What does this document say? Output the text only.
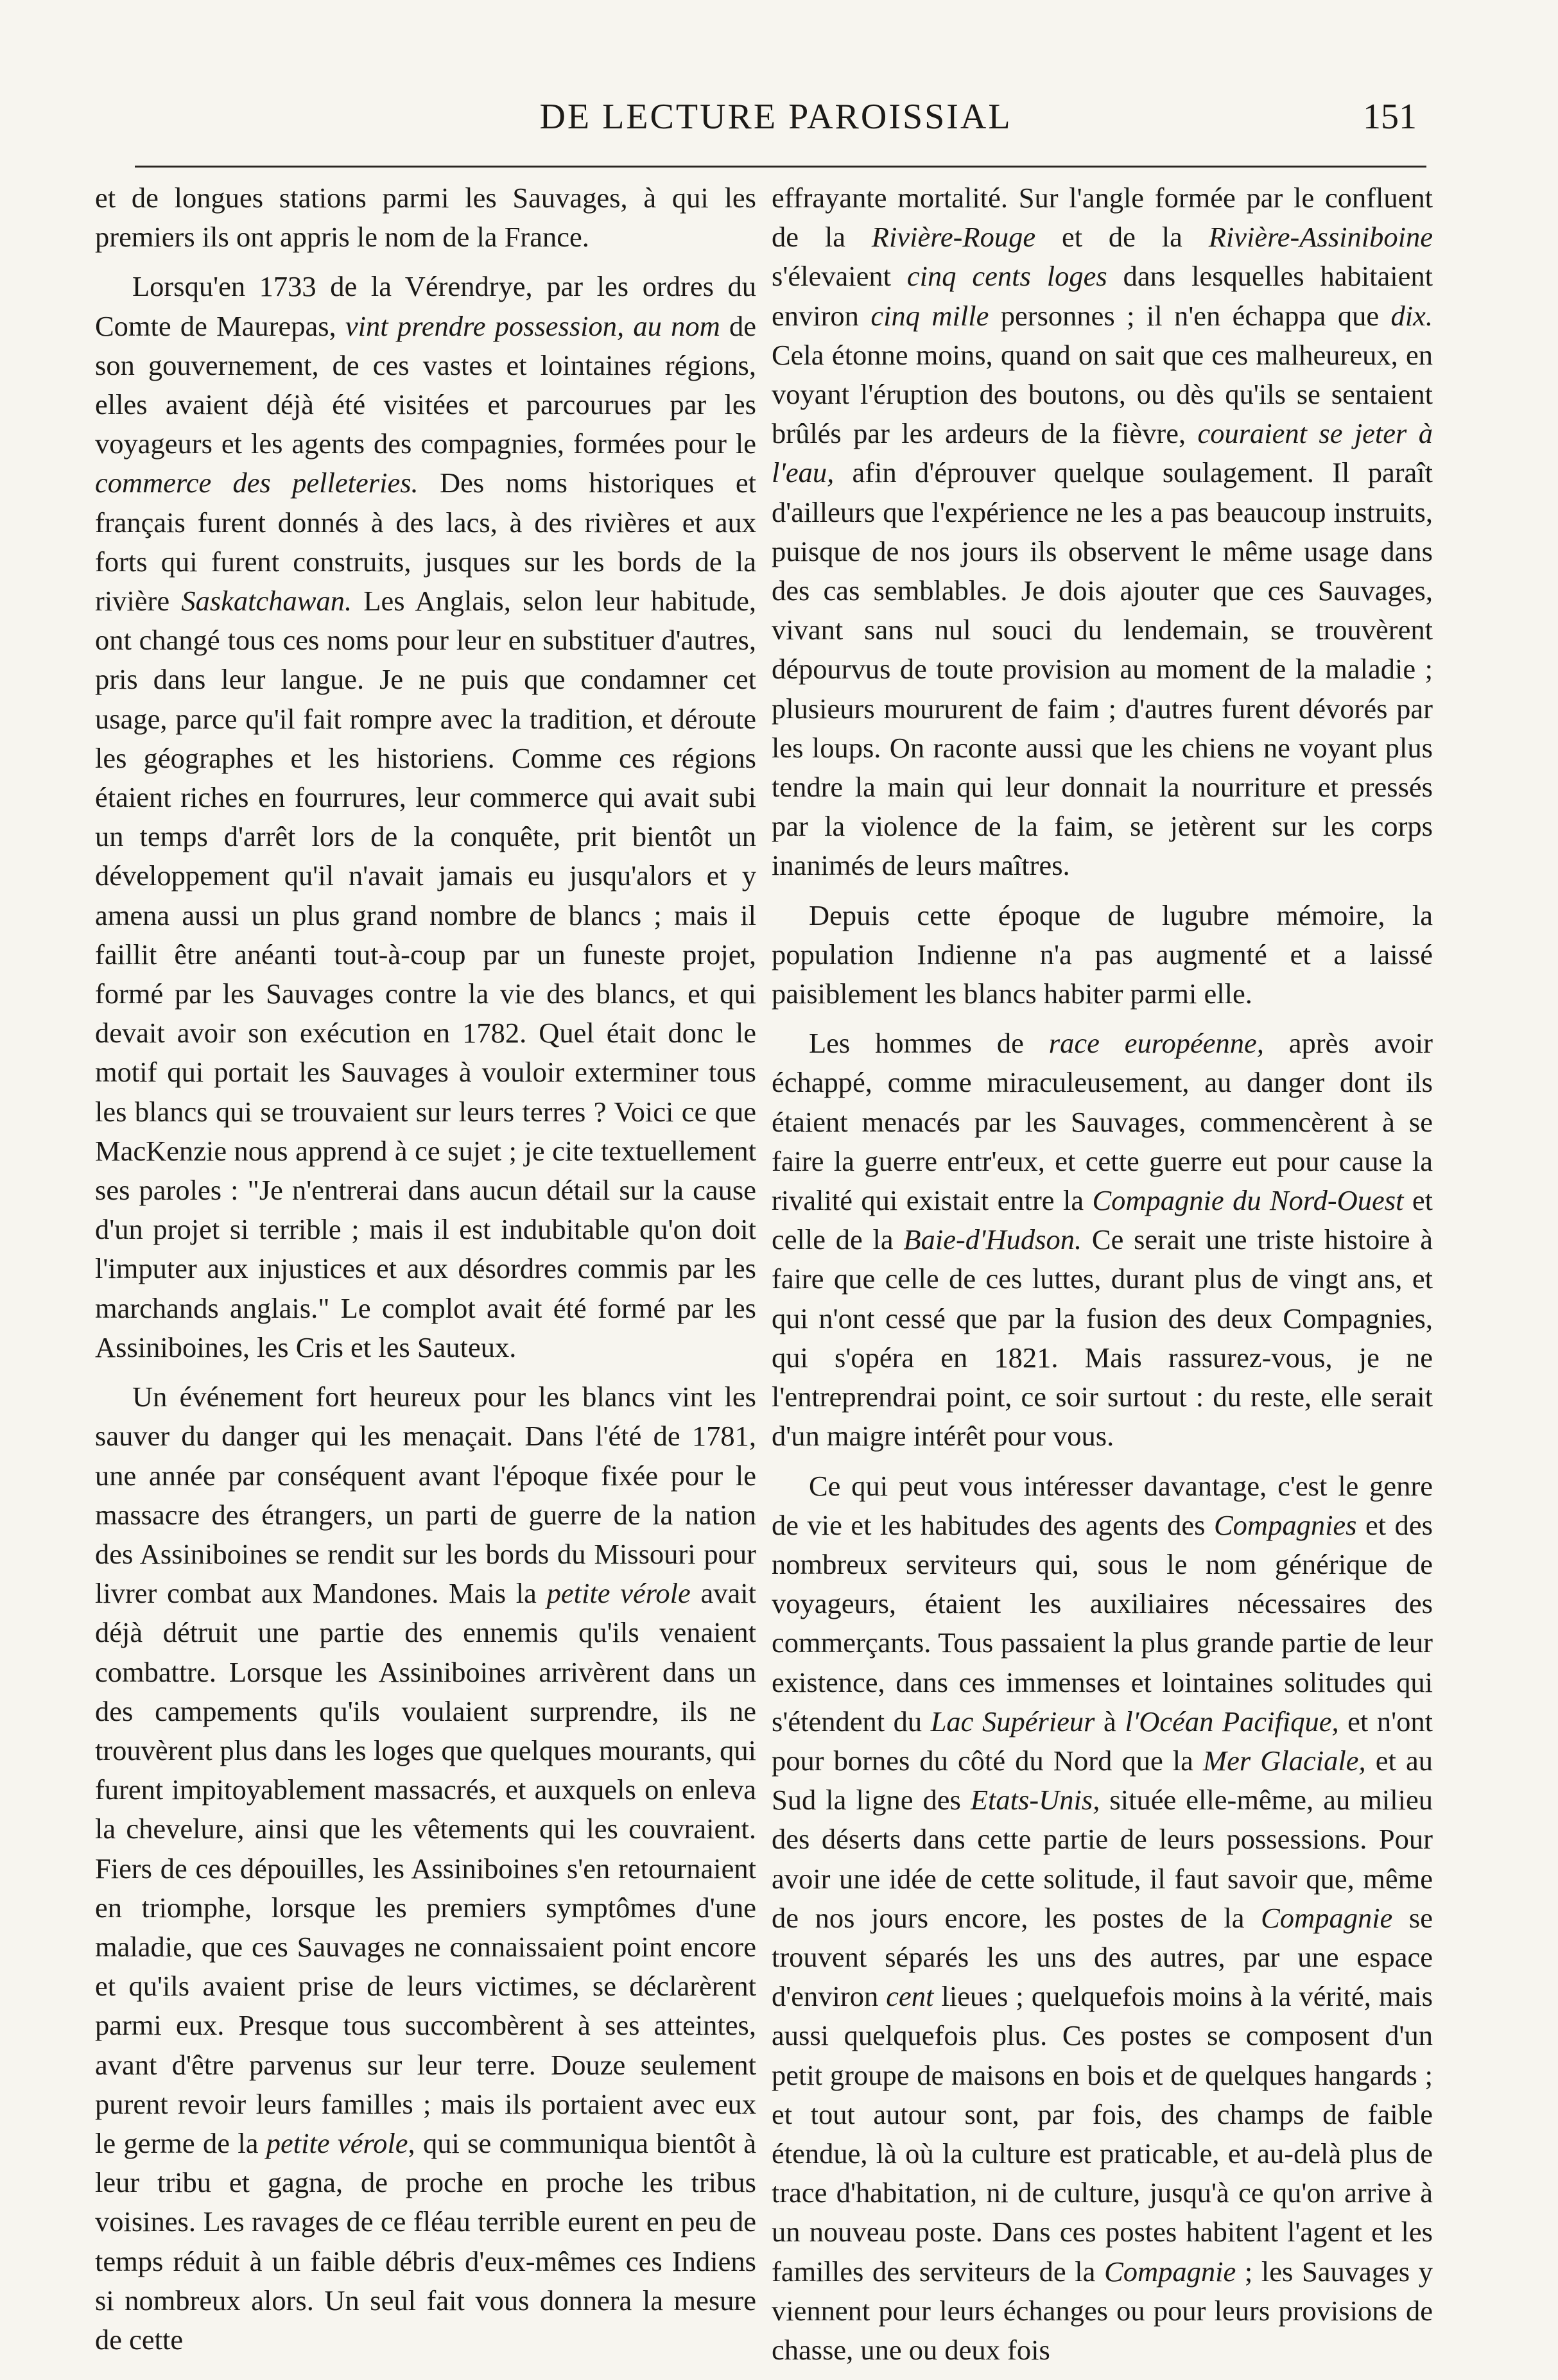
DE LECTURE PAROISSIAL	151

et de longues stations parmi les Sauvages, à qui les premiers ils ont appris le nom de la France.

Lorsqu'en 1733 de la Vérendrye, par les ordres du Comte de Maurepas, vint prendre possession, au nom de son gouvernement, de ces vastes et lointaines régions, elles avaient déjà été visitées et parcourues par les voyageurs et les agents des compagnies, formées pour le commerce des pelleteries. Des noms historiques et français furent donnés à des lacs, à des rivières et aux forts qui furent construits, jusques sur les bords de la rivière Saskatchawan. Les Anglais, selon leur habitude, ont changé tous ces noms pour leur en substituer d'autres, pris dans leur langue. Je ne puis que condamner cet usage, parce qu'il fait rompre avec la tradition, et déroute les géographes et les historiens. Comme ces régions étaient riches en fourrures, leur commerce qui avait subi un temps d'arrêt lors de la conquête, prit bientôt un développement qu'il n'avait jamais eu jusqu'alors et y amena aussi un plus grand nombre de blancs ; mais il faillit être anéanti tout-à-coup par un funeste projet, formé par les Sauvages contre la vie des blancs, et qui devait avoir son exécution en 1782. Quel était donc le motif qui portait les Sauvages à vouloir exterminer tous les blancs qui se trouvaient sur leurs terres ? Voici ce que MacKenzie nous apprend à ce sujet ; je cite textuellement ses paroles : "Je n'entrerai dans aucun détail sur la cause d'un projet si terrible ; mais il est indubitable qu'on doit l'imputer aux injustices et aux désordres commis par les marchands anglais." Le complot avait été formé par les Assiniboines, les Cris et les Sauteux.

Un événement fort heureux pour les blancs vint les sauver du danger qui les menaçait. Dans l'été de 1781, une année par conséquent avant l'époque fixée pour le massacre des étrangers, un parti de guerre de la nation des Assiniboines se rendit sur les bords du Missouri pour livrer combat aux Mandones. Mais la petite vérole avait déjà détruit une partie des ennemis qu'ils venaient combattre. Lorsque les Assiniboines arrivèrent dans un des campements qu'ils voulaient surprendre, ils ne trouvèrent plus dans les loges que quelques mourants, qui furent impitoyablement massacrés, et auxquels on enleva la chevelure, ainsi que les vêtements qui les couvraient. Fiers de ces dépouilles, les Assiniboines s'en retournaient en triomphe, lorsque les premiers symptômes d'une maladie, que ces Sauvages ne connaissaient point encore et qu'ils avaient prise de leurs victimes, se déclarèrent parmi eux. Presque tous succombèrent à ses atteintes, avant d'être parvenus sur leur terre. Douze seulement purent revoir leurs familles ; mais ils portaient avec eux le germe de la petite vérole, qui se communiqua bientôt à leur tribu et gagna, de proche en proche les tribus voisines. Les ravages de ce fléau terrible eurent en peu de temps réduit à un faible débris d'eux-mêmes ces Indiens si nombreux alors. Un seul fait vous donnera la mesure de cette

effrayante mortalité. Sur l'angle formée par le confluent de la Rivière-Rouge et de la Rivière-Assiniboine s'élevaient cinq cents loges dans lesquelles habitaient environ cinq mille personnes ; il n'en échappa que dix. Cela étonne moins, quand on sait que ces malheureux, en voyant l'éruption des boutons, ou dès qu'ils se sentaient brûlés par les ardeurs de la fièvre, couraient se jeter à l'eau, afin d'éprouver quelque soulagement. Il paraît d'ailleurs que l'expérience ne les a pas beaucoup instruits, puisque de nos jours ils observent le même usage dans des cas semblables. Je dois ajouter que ces Sauvages, vivant sans nul souci du lendemain, se trouvèrent dépourvus de toute provision au moment de la maladie ; plusieurs moururent de faim ; d'autres furent dévorés par les loups. On raconte aussi que les chiens ne voyant plus tendre la main qui leur donnait la nourriture et pressés par la violence de la faim, se jetèrent sur les corps inanimés de leurs maîtres.

Depuis cette époque de lugubre mémoire, la population Indienne n'a pas augmenté et a laissé paisiblement les blancs habiter parmi elle.

Les hommes de race européenne, après avoir échappé, comme miraculeusement, au danger dont ils étaient menacés par les Sauvages, commencèrent à se faire la guerre entr'eux, et cette guerre eut pour cause la rivalité qui existait entre la Compagnie du Nord-Ouest et celle de la Baie-d'Hudson. Ce serait une triste histoire à faire que celle de ces luttes, durant plus de vingt ans, et qui n'ont cessé que par la fusion des deux Compagnies, qui s'opéra en 1821. Mais rassurez-vous, je ne l'entreprendrai point, ce soir surtout : du reste, elle serait d'un maigre intérêt pour vous.

Ce qui peut vous intéresser davantage, c'est le genre de vie et les habitudes des agents des Compagnies et des nombreux serviteurs qui, sous le nom générique de voyageurs, étaient les auxiliaires nécessaires des commerçants. Tous passaient la plus grande partie de leur existence, dans ces immenses et lointaines solitudes qui s'étendent du Lac Supérieur à l'Océan Pacifique, et n'ont pour bornes du côté du Nord que la Mer Glaciale, et au Sud la ligne des Etats-Unis, située elle-même, au milieu des déserts dans cette partie de leurs possessions. Pour avoir une idée de cette solitude, il faut savoir que, même de nos jours encore, les postes de la Compagnie se trouvent séparés les uns des autres, par une espace d'environ cent lieues ; quelquefois moins à la vérité, mais aussi quelquefois plus. Ces postes se composent d'un petit groupe de maisons en bois et de quelques hangards ; et tout autour sont, par fois, des champs de faible étendue, là où la culture est praticable, et au-delà plus de trace d'habitation, ni de culture, jusqu'à ce qu'on arrive à un nouveau poste. Dans ces postes habitent l'agent et les familles des serviteurs de la Compagnie ; les Sauvages y viennent pour leurs échanges ou pour leurs provisions de chasse, une ou deux fois
